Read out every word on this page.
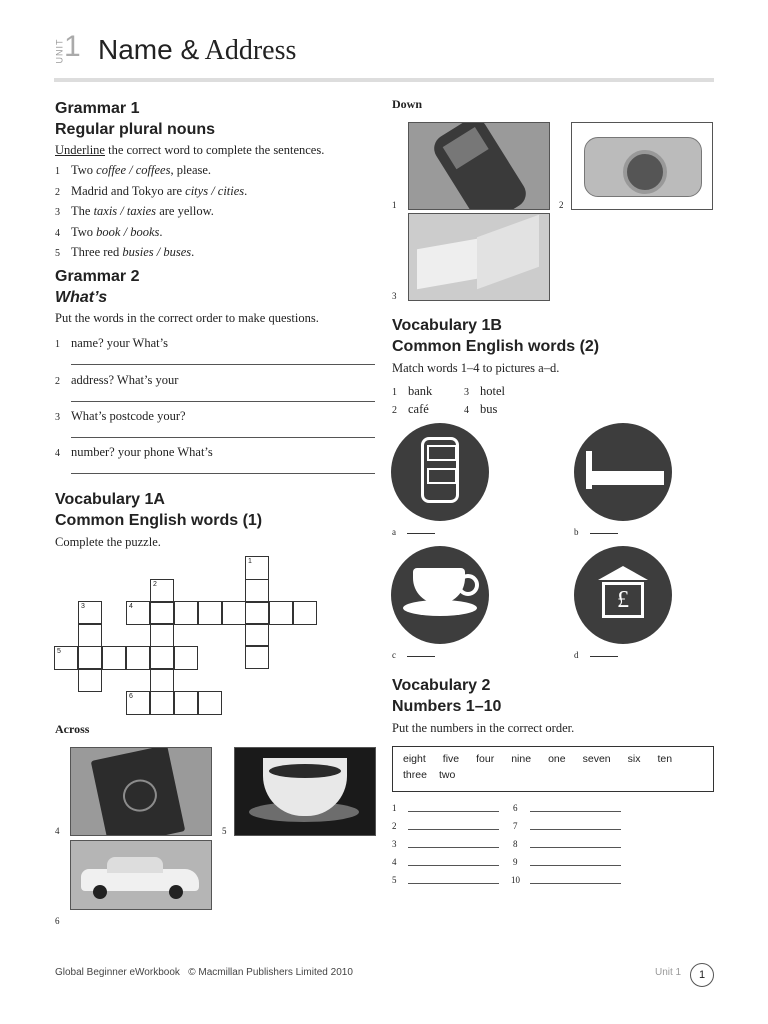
UNIT 1 Name & Address
Grammar 1
Regular plural nouns
Underline the correct word to complete the sentences.
1 Two coffee / coffees, please.
2 Madrid and Tokyo are citys / cities.
3 The taxis / taxies are yellow.
4 Two book / books.
5 Three red busies / buses.
Grammar 2
What’s
Put the words in the correct order to make questions.
1 name? your What’s
2 address? What’s your
3 What’s postcode your?
4 number? your phone What’s
Vocabulary 1A
Common English words (1)
Complete the puzzle.
1
2
3	4
5
6
Across
4	5
6
Down
1	2
3
Vocabulary 1B
Common English words (2)
Match words 1–4 to pictures a–d.
1 bank
2 café
3 hotel
4 bus
a	b
c
£
d
Vocabulary 2
Numbers 1–10
Put the numbers in the correct order.
eight five four nine one seven six ten
three two
1
2
3
4
5
6
7
8
9
10
Global Beginner eWorkbook   © Macmillan Publishers Limited 2010	Unit 1	1
